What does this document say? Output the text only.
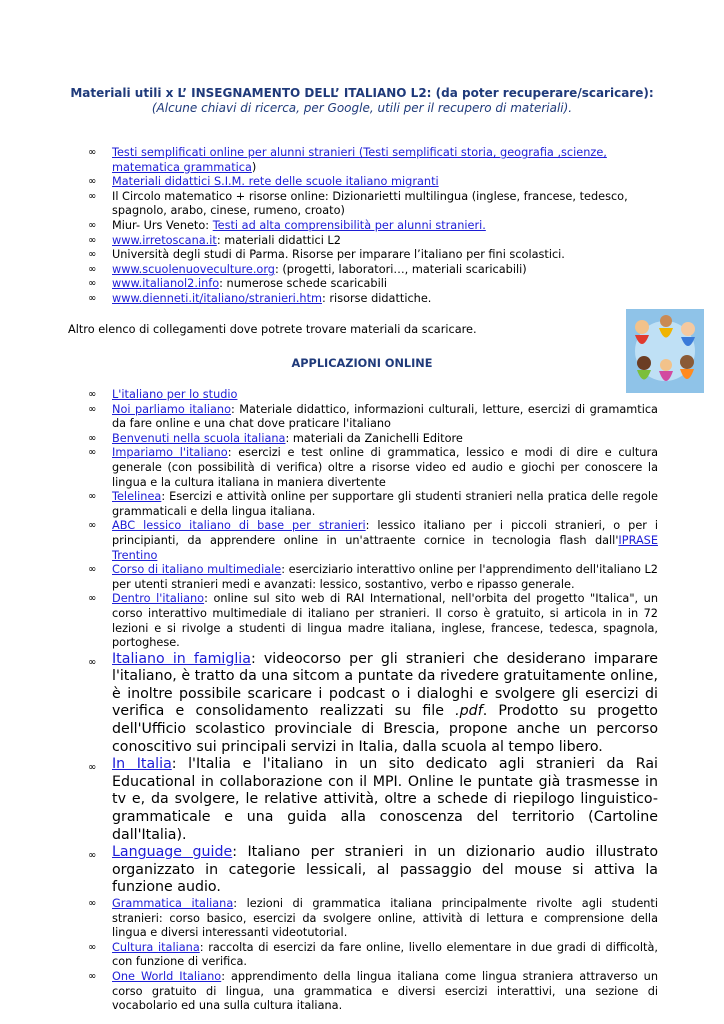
Materiali utili x L’ INSEGNAMENTO DELL’ ITALIANO L2: (da poter recuperare/scaricare):
(Alcune chiavi di ricerca, per Google, utili per il recupero di materiali).
∞ Testi semplificati online per alunni stranieri (Testi semplificati storia, geografia ,scienze, matematica grammatica)
∞ Materiali didattici S.I.M. rete delle scuole italiano migranti
∞ Il Circolo matematico + risorse online: Dizionarietti multilingua (inglese, francese, tedesco, spagnolo, arabo, cinese, rumeno, croato)
∞ Miur- Urs Veneto: Testi ad alta comprensibilità per alunni stranieri.
∞ www.irretoscana.it: materiali didattici L2
∞ Università degli studi di Parma. Risorse per imparare l’italiano per fini scolastici.
∞ www.scuolenuoveculture.org: (progetti, laboratori…, materiali scaricabili)
∞ www.italianol2.info: numerose schede scaricabili
∞ www.dienneti.it/italiano/stranieri.htm: risorse didattiche.
Altro elenco di collegamenti dove potrete trovare materiali da scaricare.
APPLICAZIONI ONLINE
∞ L'italiano per lo studio
∞ Noi parliamo italiano: Materiale didattico, informazioni culturali, letture, esercizi di gramamtica da fare online e una chat dove praticare l'italiano
∞ Benvenuti nella scuola italiana: materiali da Zanichelli Editore
∞ Impariamo l'italiano: esercizi e test online di grammatica, lessico e modi di dire e cultura generale (con possibilità di verifica) oltre a risorse video ed audio e giochi per conoscere la lingua e la cultura italiana in maniera divertente
∞ Telelinea: Esercizi e attività online per supportare gli studenti stranieri nella pratica delle regole grammaticali e della lingua italiana.
∞ ABC lessico italiano di base per stranieri: lessico italiano per i piccoli stranieri, o per i principianti, da apprendere online in un'attraente cornice in tecnologia flash dall'IPRASE Trentino
∞ Corso di italiano multimediale: eserciziario interattivo online per l'apprendimento dell'italiano L2 per utenti stranieri medi e avanzati: lessico, sostantivo, verbo e ripasso generale.
∞ Dentro l'italiano: online sul sito web di RAI International, nell'orbita del progetto "Italica", un corso interattivo multimediale di italiano per stranieri. Il corso è gratuito, si articola in in 72 lezioni e si rivolge a studenti di lingua madre italiana, inglese, francese, tedesca, spagnola, portoghese.
∞ Italiano in famiglia: videocorso per gli stranieri che desiderano imparare l'italiano, è tratto da una sitcom a puntate da rivedere gratuitamente online, è inoltre possibile scaricare i podcast o i dialoghi e svolgere gli esercizi di verifica e consolidamento realizzati su file .pdf. Prodotto su progetto dell'Ufficio scolastico provinciale di Brescia, propone anche un percorso conoscitivo sui principali servizi in Italia, dalla scuola al tempo libero.
∞ In Italia: l'Italia e l'italiano in un sito dedicato agli stranieri da Rai Educational in collaborazione con il MPI. Online le puntate già trasmesse in tv e, da svolgere, le relative attività, oltre a schede di riepilogo linguistico-grammaticale e una guida alla conoscenza del territorio (Cartoline dall'Italia).
∞ Language guide: Italiano per stranieri in un dizionario audio illustrato organizzato in categorie lessicali, al passaggio del mouse si attiva la funzione audio.
∞ Grammatica italiana: lezioni di grammatica italiana principalmente rivolte agli studenti stranieri: corso basico, esercizi da svolgere online, attività di lettura e comprensione della lingua e diversi interessanti videotutorial.
∞ Cultura italiana: raccolta di esercizi da fare online, livello elementare in due gradi di difficoltà, con funzione di verifica.
∞ One World Italiano: apprendimento della lingua italiana come lingua straniera attraverso un corso gratuito di lingua, una grammatica e diversi esercizi interattivi, una sezione di vocabolario ed una sulla cultura italiana.
